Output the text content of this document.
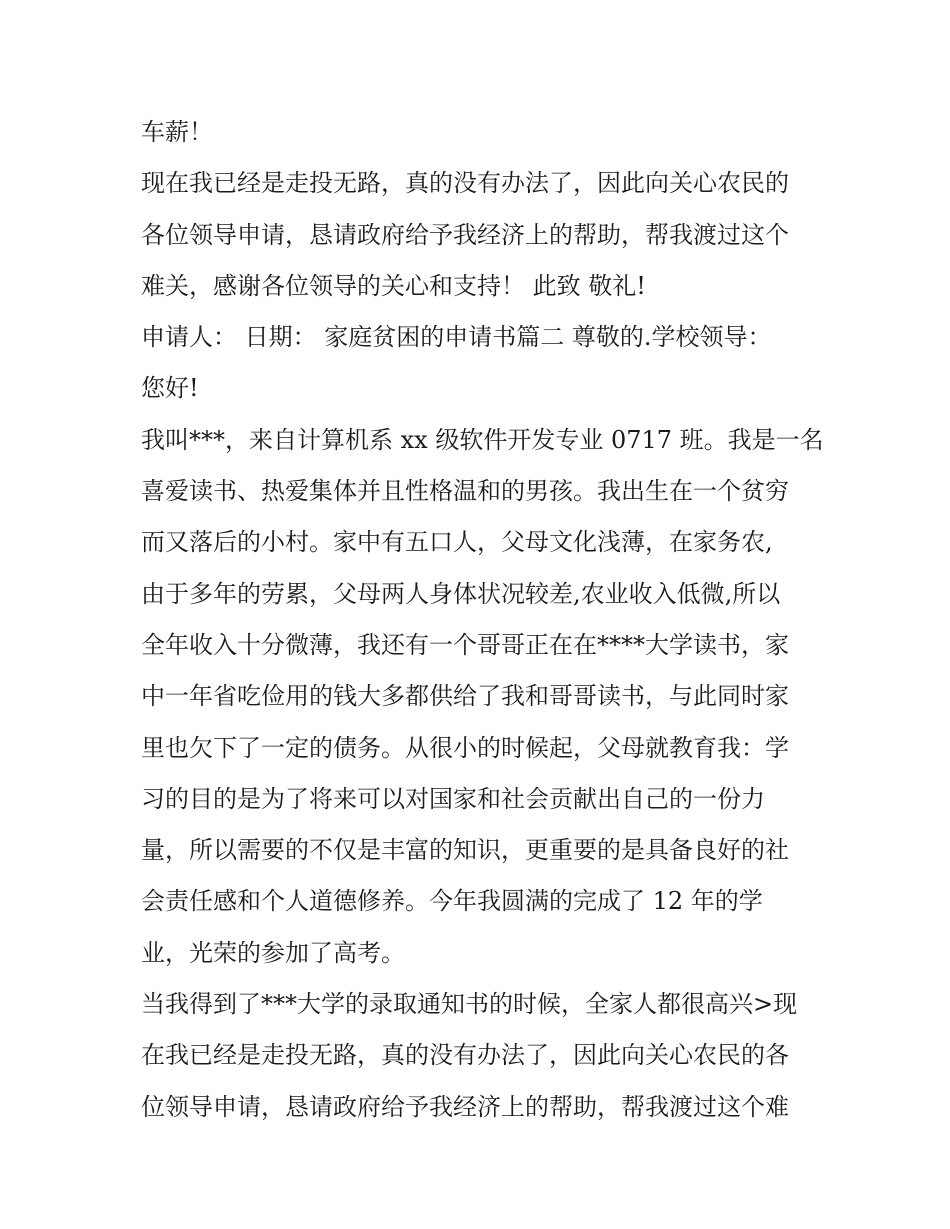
车薪！
现在我已经是走投无路，真的没有办法了，因此向关心农民的
各位领导申请，恳请政府给予我经济上的帮助，帮我渡过这个
难关，感谢各位领导的关心和支持！ 此致 敬礼!
申请人： 日期： 家庭贫困的申请书篇二 尊敬的.学校领导：
您好!
我叫***，来自计算机系 xx 级软件开发专业 0717 班。我是一名
喜爱读书、热爱集体并且性格温和的男孩。我出生在一个贫穷
而又落后的小村。家中有五口人，父母文化浅薄，在家务农,
由于多年的劳累，父母两人身体状况较差,农业收入低微,所以
全年收入十分微薄，我还有一个哥哥正在在****大学读书，家
中一年省吃俭用的钱大多都供给了我和哥哥读书，与此同时家
里也欠下了一定的债务。从很小的时候起，父母就教育我：学
习的目的是为了将来可以对国家和社会贡献出自己的一份力
量，所以需要的不仅是丰富的知识，更重要的是具备良好的社
会责任感和个人道德修养。今年我圆满的完成了 12 年的学
业，光荣的参加了高考。
当我得到了***大学的录取通知书的时候，全家人都很高兴>现
在我已经是走投无路，真的没有办法了，因此向关心农民的各
位领导申请，恳请政府给予我经济上的帮助，帮我渡过这个难
